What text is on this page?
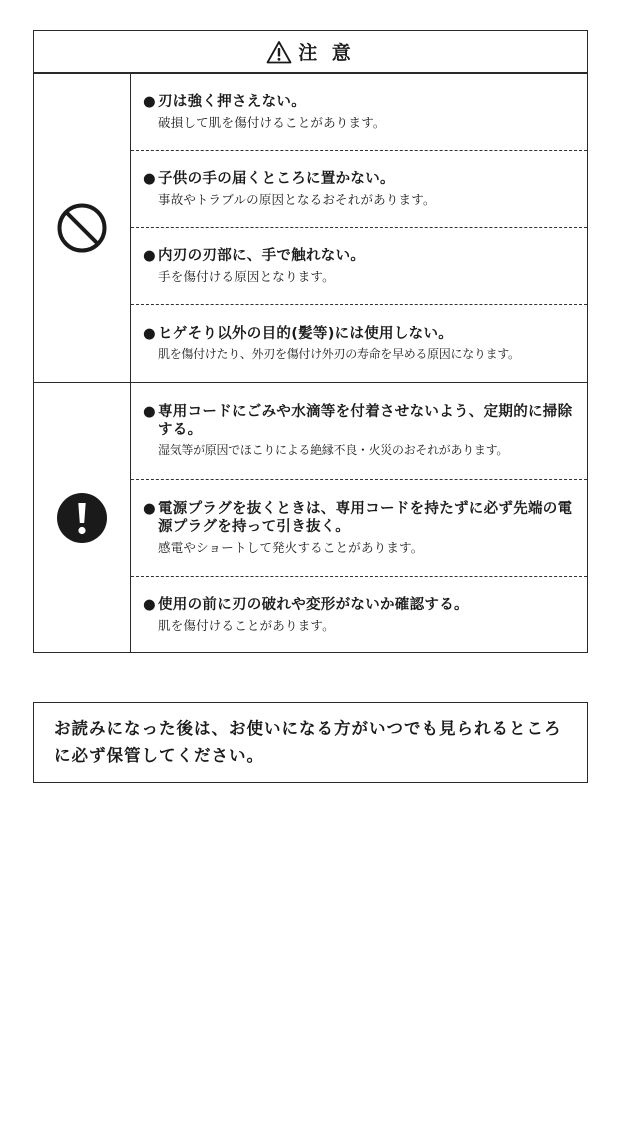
注 意
● 刃は強く押さえない。
破損して肌を傷付けることがあります。
● 子供の手の届くところに置かない。
事故やトラブルの原因となるおそれがあります。
● 内刃の刃部に、手で触れない。
手を傷付ける原因となります。
● ヒゲそり以外の目的(髪等)には使用しない。
肌を傷付けたり、外刃を傷付け外刃の寿命を早める原因になります。
● 専用コードにごみや水滴等を付着させないよう、定期的に掃除する。
湿気等が原因でほこりによる絶縁不良・火災のおそれがあります。
● 電源プラグを抜くときは、専用コードを持たずに必ず先端の電源プラグを持って引き抜く。
感電やショートして発火することがあります。
● 使用の前に刃の破れや変形がないか確認する。
肌を傷付けることがあります。
お読みになった後は、お使いになる方がいつでも見られるところに必ず保管してください。
